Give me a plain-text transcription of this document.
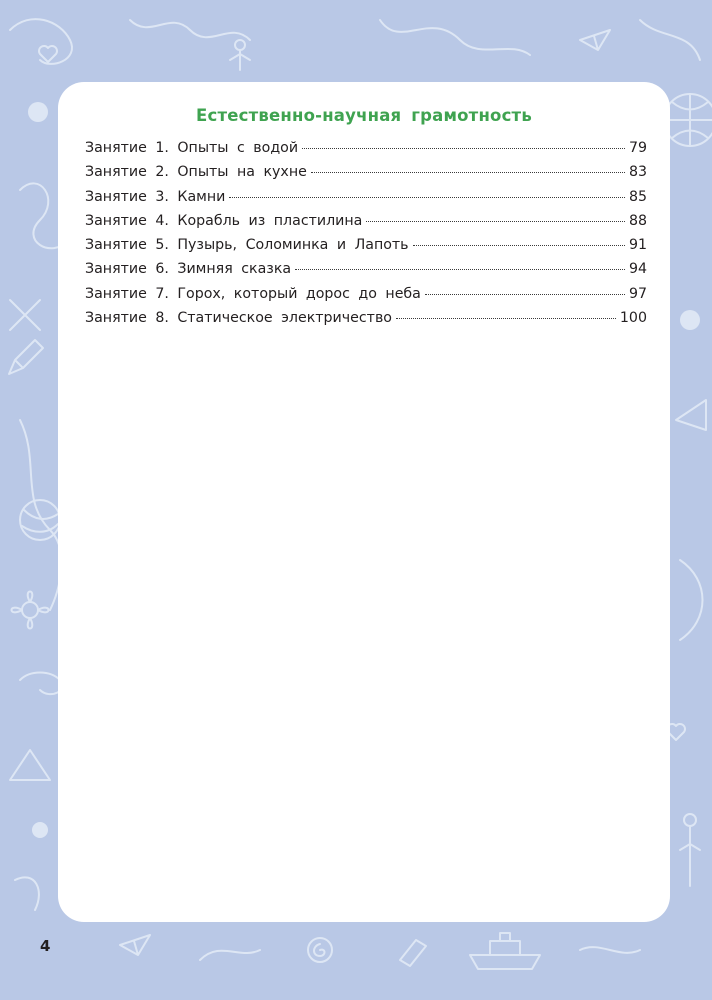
Естественно-научная грамотность
Занятие 1. Опыты с водой	79
Занятие 2. Опыты на кухне	83
Занятие 3. Камни	85
Занятие 4. Корабль из пластилина	88
Занятие 5. Пузырь, Соломинка и Лапоть	91
Занятие 6. Зимняя сказка	94
Занятие 7. Горох, который дорос до неба	97
Занятие 8. Статическое электричество	100
4
